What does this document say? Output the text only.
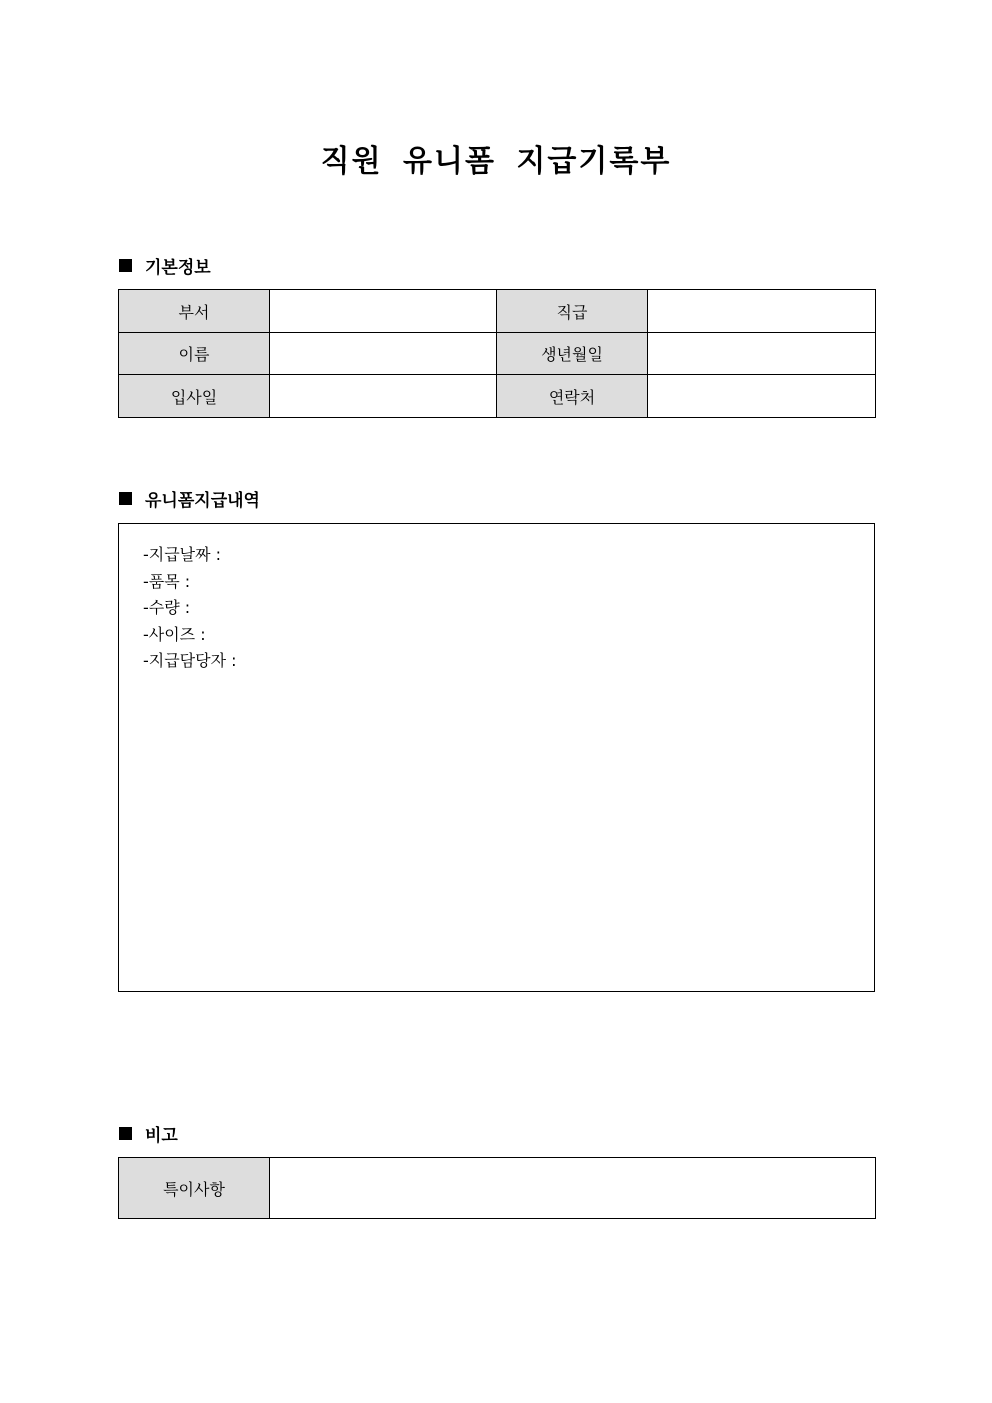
직원 유니폼 지급기록부
기본정보
부서		직급	
이름		생년월일	
입사일		연락처	
유니폼지급내역
-지급날짜 :
-품목 :
-수량 :
-사이즈 :
-지급담당자 :
비고
특이사항	
